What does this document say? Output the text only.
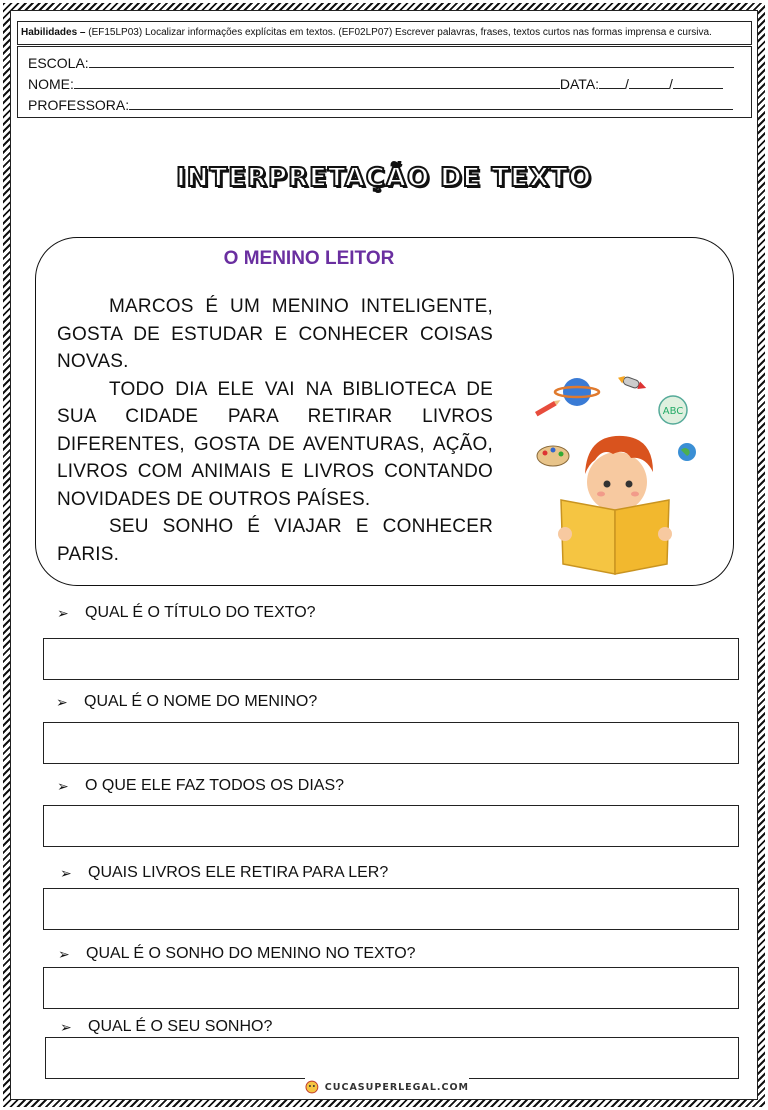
Habilidades – (EF15LP03) Localizar informações explícitas em textos. (EF02LP07) Escrever palavras, frases, textos curtos nas formas imprensa e cursiva.
ESCOLA:
NOME:	DATA: /	/
PROFESSORA:
INTERPRETAÇÃO DE TEXTO
O MENINO LEITOR

MARCOS É UM MENINO INTELIGENTE, GOSTA DE ESTUDAR E CONHECER COISAS NOVAS.

TODO DIA ELE VAI NA BIBLIOTECA DE SUA CIDADE PARA RETIRAR LIVROS DIFERENTES, GOSTA DE AVENTURAS, AÇÃO, LIVROS COM ANIMAIS E LIVROS CONTANDO NOVIDADES DE OUTROS PAÍSES.

SEU SONHO É VIAJAR E CONHECER PARIS.

ABC
➢ QUAL É O TÍTULO DO TEXTO?
➢ QUAL É O NOME DO MENINO?
➢ O QUE ELE FAZ TODOS OS DIAS?
➢ QUAIS LIVROS ELE RETIRA PARA LER?
➢ QUAL É O SONHO DO MENINO NO TEXTO?
➢ QUAL É O SEU SONHO?
CUCASUPERLEGAL.COM
